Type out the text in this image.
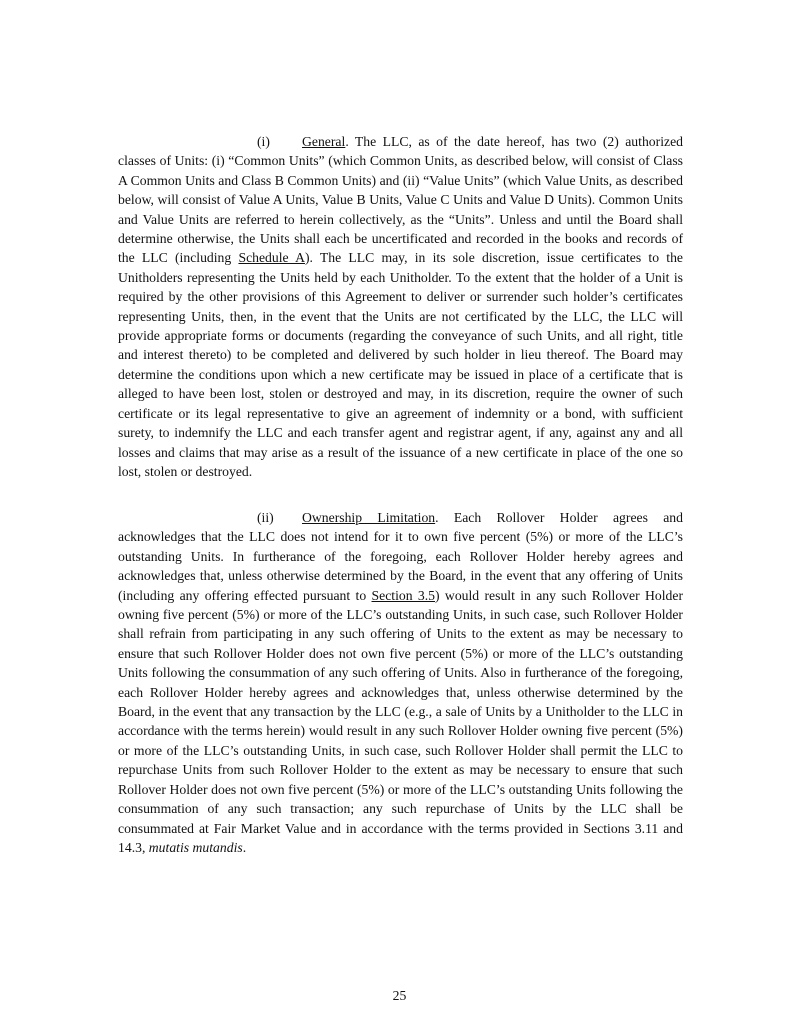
(i) General. The LLC, as of the date hereof, has two (2) authorized classes of Units: (i) “Common Units” (which Common Units, as described below, will consist of Class A Common Units and Class B Common Units) and (ii) “Value Units” (which Value Units, as described below, will consist of Value A Units, Value B Units, Value C Units and Value D Units). Common Units and Value Units are referred to herein collectively, as the “Units”. Unless and until the Board shall determine otherwise, the Units shall each be uncertificated and recorded in the books and records of the LLC (including Schedule A). The LLC may, in its sole discretion, issue certificates to the Unitholders representing the Units held by each Unitholder. To the extent that the holder of a Unit is required by the other provisions of this Agreement to deliver or surrender such holder’s certificates representing Units, then, in the event that the Units are not certificated by the LLC, the LLC will provide appropriate forms or documents (regarding the conveyance of such Units, and all right, title and interest thereto) to be completed and delivered by such holder in lieu thereof. The Board may determine the conditions upon which a new certificate may be issued in place of a certificate that is alleged to have been lost, stolen or destroyed and may, in its discretion, require the owner of such certificate or its legal representative to give an agreement of indemnity or a bond, with sufficient surety, to indemnify the LLC and each transfer agent and registrar agent, if any, against any and all losses and claims that may arise as a result of the issuance of a new certificate in place of the one so lost, stolen or destroyed.

(ii) Ownership Limitation. Each Rollover Holder agrees and acknowledges that the LLC does not intend for it to own five percent (5%) or more of the LLC’s outstanding Units. In furtherance of the foregoing, each Rollover Holder hereby agrees and acknowledges that, unless otherwise determined by the Board, in the event that any offering of Units (including any offering effected pursuant to Section 3.5) would result in any such Rollover Holder owning five percent (5%) or more of the LLC’s outstanding Units, in such case, such Rollover Holder shall refrain from participating in any such offering of Units to the extent as may be necessary to ensure that such Rollover Holder does not own five percent (5%) or more of the LLC’s outstanding Units following the consummation of any such offering of Units. Also in furtherance of the foregoing, each Rollover Holder hereby agrees and acknowledges that, unless otherwise determined by the Board, in the event that any transaction by the LLC (e.g., a sale of Units by a Unitholder to the LLC in accordance with the terms herein) would result in any such Rollover Holder owning five percent (5%) or more of the LLC’s outstanding Units, in such case, such Rollover Holder shall permit the LLC to repurchase Units from such Rollover Holder to the extent as may be necessary to ensure that such Rollover Holder does not own five percent (5%) or more of the LLC’s outstanding Units following the consummation of any such transaction; any such repurchase of Units by the LLC shall be consummated at Fair Market Value and in accordance with the terms provided in Sections 3.11 and 14.3, mutatis mutandis.

25
